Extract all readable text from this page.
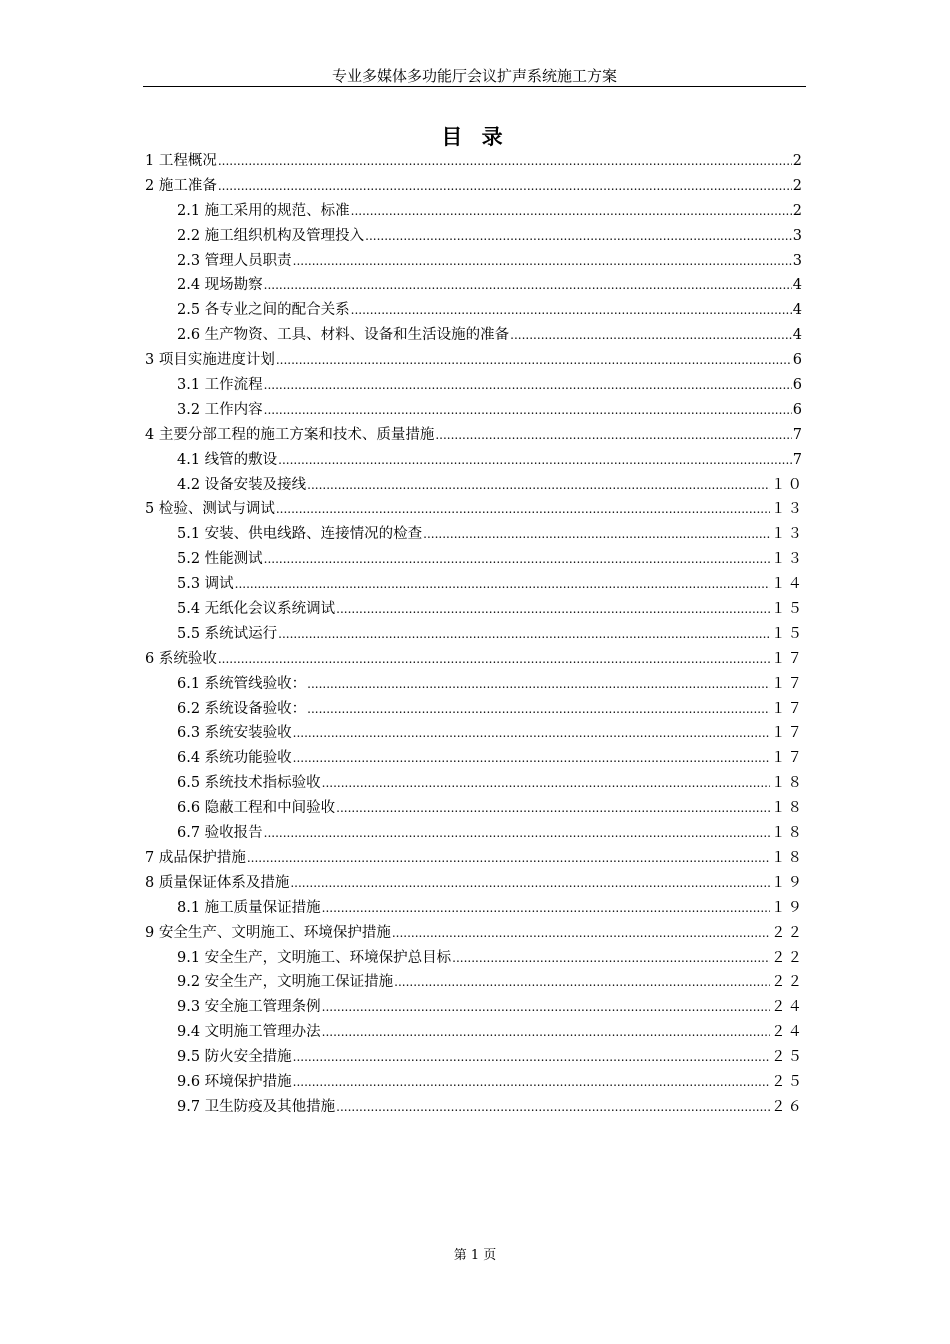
专业多媒体多功能厅会议扩声系统施工方案
目 录
1 工程概况 .....	2
2 施工准备 .....	2
2.1 施工采用的规范、标准 .....	2
2.2 施工组织机构及管理投入 .....	3
2.3 管理人员职责 .....	3
2.4 现场勘察 .....	4
2.5 各专业之间的配合关系 .....	4
2.6 生产物资、工具、材料、设备和生活设施的准备 .....	4
3 项目实施进度计划 .....	6
3.1 工作流程 .....	6
3.2 工作内容 .....	6
4 主要分部工程的施工方案和技术、质量措施 .....	7
4.1 线管的敷设 .....	7
4.2 设备安装及接线 .....	１０
5 检验、测试与调试 .....	１３
5.1 安装、供电线路、连接情况的检查 .....	１３
5.2 性能测试 .....	１３
5.3 调试 .....	１４
5.4 无纸化会议系统调试 .....	１５
5.5 系统试运行 .....	１５
6 系统验收 .....	１７
6.1 系统管线验收： .....	１７
6.2 系统设备验收： .....	１７
6.3 系统安装验收 .....	１７
6.4 系统功能验收 .....	１７
6.5 系统技术指标验收 .....	１８
6.6 隐蔽工程和中间验收 .....	１８
6.7 验收报告 .....	１８
7 成品保护措施 .....	１８
8 质量保证体系及措施 .....	１９
8.1 施工质量保证措施 .....	１９
9 安全生产、文明施工、环境保护措施 .....	２２
9.1 安全生产，文明施工、环境保护总目标 .....	２２
9.2 安全生产，文明施工保证措施 .....	２２
9.3 安全施工管理条例 .....	２４
9.4 文明施工管理办法 .....	２４
9.5 防火安全措施 .....	２５
9.6 环境保护措施 .....	２５
9.7 卫生防疫及其他措施 .....	２６
第 1 页
